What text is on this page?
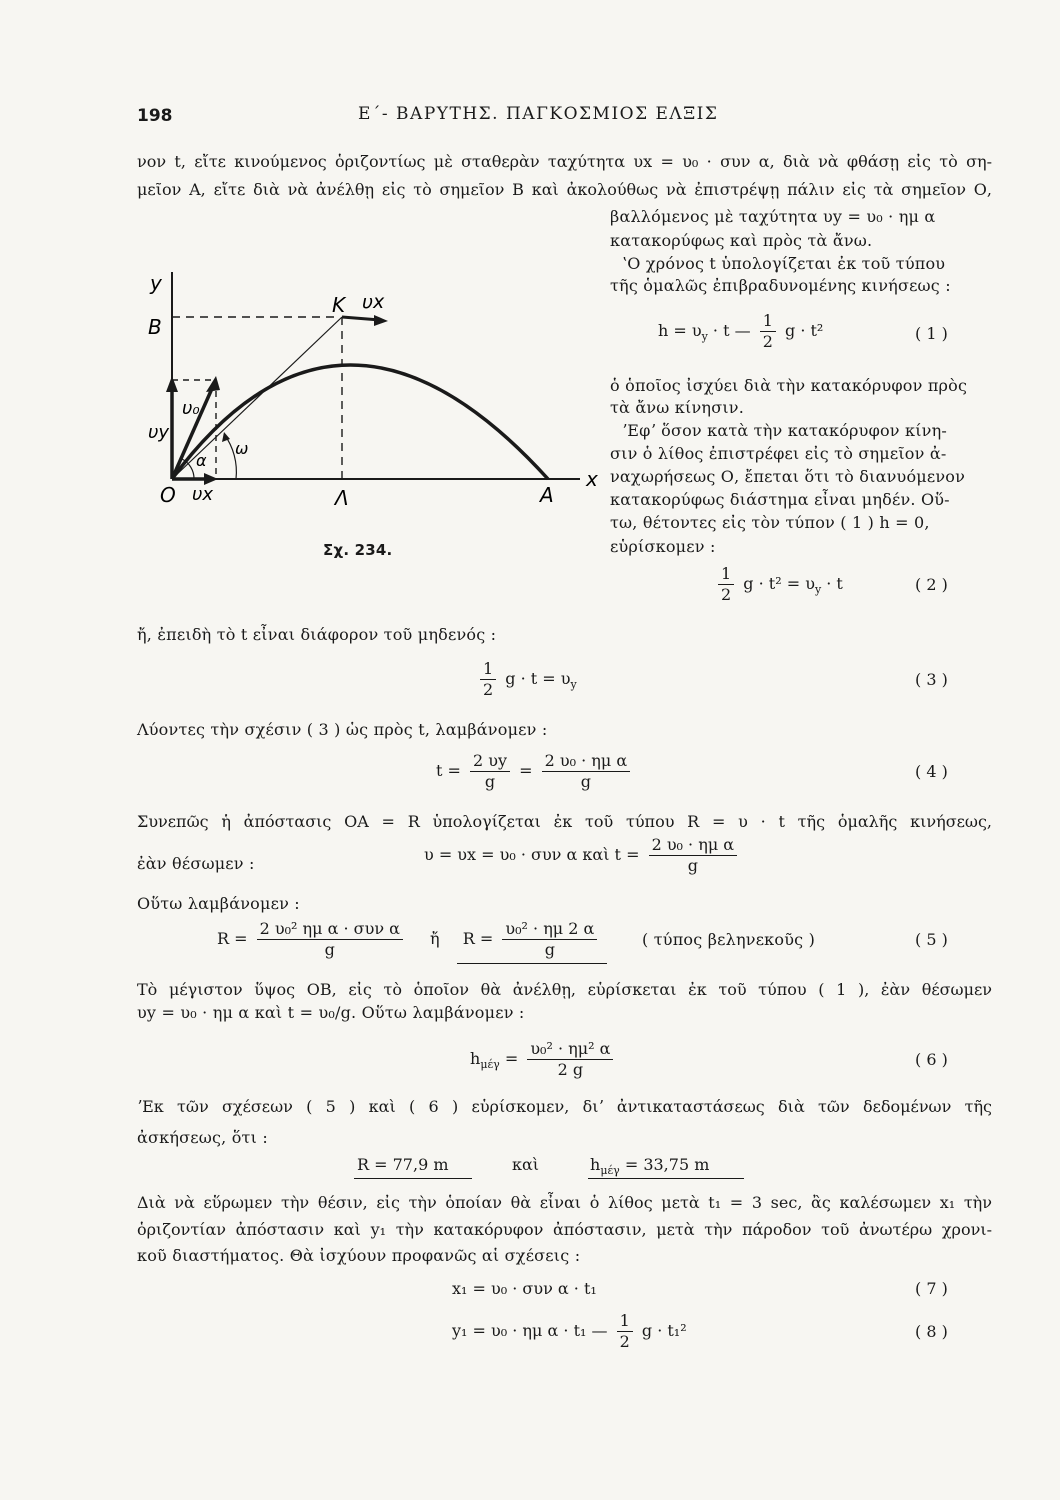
198	Ε΄- ΒΑΡΥΤΗΣ. ΠΑΓΚΟΣΜΙΟΣ ΕΛΞΙΣ
νον t, εἴτε κινούμενος ὁριζοντίως μὲ σταθερὰν ταχύτητα υx = υ₀ · συν α, διὰ νὰ φθάσῃ εἰς τὸ ση-
μεῖον Α, εἴτε διὰ νὰ ἀνέλθῃ εἰς τὸ σημεῖον Β καὶ ἀκολούθως νὰ ἐπιστρέψῃ πάλιν εἰς τὰ σημεῖον Ο,
βαλλόμενος μὲ ταχύτητα υy = υ₀ · ημ α
κατακορύφως καὶ πρὸς τὰ ἄνω.
ʽΟ χρόνος t ὑπολογίζεται ἐκ τοῦ τύπου
τῆς ὁμαλῶς ἐπιβραδυνομένης κινήσεως :
$h = \upsilon_y \cdot t$ — $\frac{1}{2}$ g · t²	( 1 )
ὁ ὁποῖος ἰσχύει διὰ τὴν κατακόρυφον πρὸς
τὰ ἄνω κίνησιν.
ʼΕφʼ ὅσον κατὰ τὴν κατακόρυφον κίνη-
σιν ὁ λίθος ἐπιστρέφει εἰς τὸ σημεῖον ἀ-
ναχωρήσεως Ο, ἔπεται ὅτι τὸ διανυόμενον
κατακορύφως διάστημα εἶναι μηδέν. Οὕ-
τω, θέτοντες εἰς τὸν τύπον ( 1 ) h = 0,
εὑρίσκομεν :
y
B
K υx
υ₀
υy
α
ω
O υx	Λ	A
x
Σχ. 234.
$\frac{1}{2}$ $g \cdot t^2 = \upsilon_y \cdot t$	( 2 )
ἤ, ἐπειδὴ τὸ t εἶναι διάφορον τοῦ μηδενός :
$\frac{1}{2}$ $g \cdot t = \upsilon_y$	( 3 )
Λύοντες τὴν σχέσιν ( 3 ) ὡς πρὸς t, λαμβάνομεν :
$t = \frac{2 \upsilon y}{g} = \frac{\text{2 υ₀ · ημ α}}{g}$	( 4 )
Συνεπῶς ἡ ἀπόστασις ΟΑ = R ὑπολογίζεται ἐκ τοῦ τύπου R = υ · t τῆς ὁμαλῆς κινήσεως,
ἐὰν θέσωμεν :	υ = υx = υ₀ · συν α καὶ $t = \frac{\text{2 υ₀ · ημ α}}{g}$
Οὕτω λαμβάνομεν :
$R = \frac{\text{2 υ₀² ημ α · συν α}}{g}$ ἤ $R = \frac{\text{υ₀² · ημ 2 α}}{g}$	( τύπος βεληνεκοῦς )	( 5 )
Τὸ μέγιστον ὕψος ΟΒ, εἰς τὸ ὁποῖον θὰ ἀνέλθῃ, εὑρίσκεται ἐκ τοῦ τύπου ( 1 ), ἐὰν θέσωμεν
υy = υ₀ · ημ α καὶ t = υ₀/g. Οὕτω λαμβάνομεν :
$h_{\mu έ\gamma} = \frac{\text{υ₀² · ημ² α}}{2 g}$	( 6 )
ʼΕκ τῶν σχέσεων ( 5 ) καὶ ( 6 ) εὑρίσκομεν, διʼ ἀντικαταστάσεως διὰ τῶν δεδομένων τῆς
ἀσκήσεως, ὅτι :
R = 77,9 m	καὶ	$h_{\mu έ\gamma} = 33,75$ m
Διὰ νὰ εὕρωμεν τὴν θέσιν, εἰς τὴν ὁποίαν θὰ εἶναι ὁ λίθος μετὰ t₁ = 3 sec, ἂς καλέσωμεν x₁ τὴν
ὁριζοντίαν ἀπόστασιν καὶ y₁ τὴν κατακόρυφον ἀπόστασιν, μετὰ τὴν πάροδον τοῦ ἀνωτέρω χρονι-
κοῦ διαστήματος. Θὰ ἰσχύουν προφανῶς αἱ σχέσεις :
x₁ = υ₀ · συν α · t₁	( 7 )
y₁ = υ₀ · ημ α · t₁ — $\frac{1}{2}$ g · t₁²	( 8 )
